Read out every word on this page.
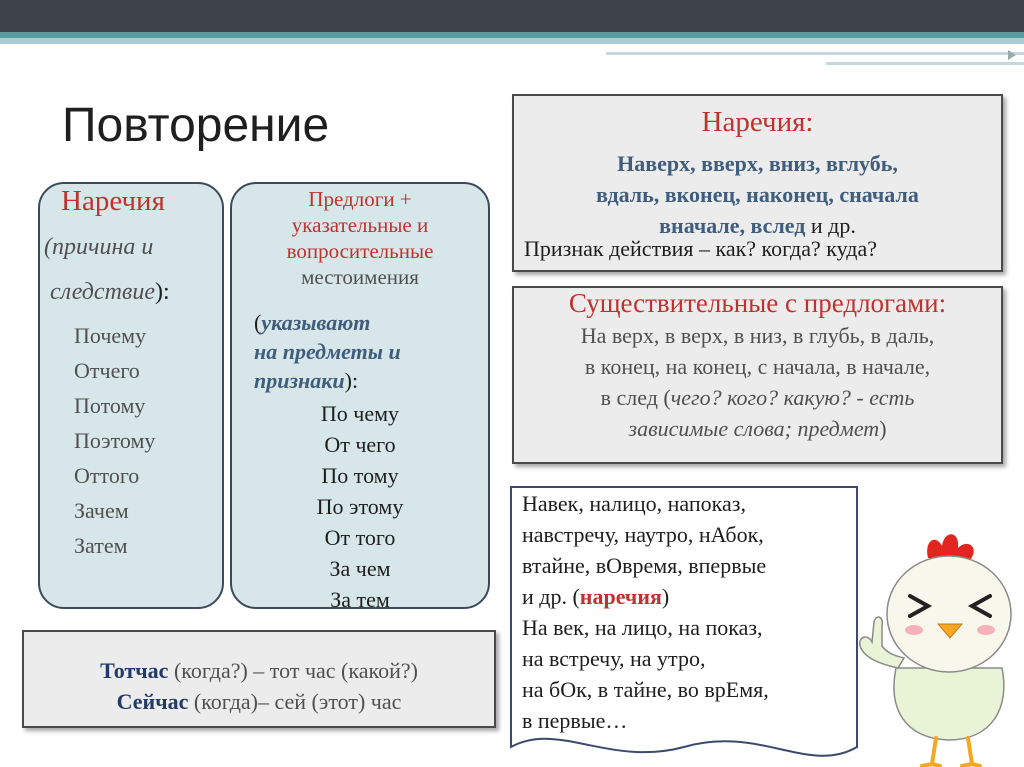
Повторение
Наречия
(причина и
следствие):
Почему
Отчего
Потому
Поэтому
Оттого
Зачем
Затем
Предлоги +
указательные и
вопросительные
местоимения
(указывают
на предметы и
признаки):
По чему
От чего
По тому
По этому
От того
За чем
За тем
Наречия:
Наверх, вверх, вниз, вглубь,
вдаль, вконец, наконец, сначала
вначале, вслед и др.
Признак действия – как? когда? куда?
Существительные с предлогами:
На верх, в верх, в низ, в глубь, в даль,
в конец, на конец, с начала, в начале,
в след (чего? кого? какую? - есть
зависимые слова; предмет)
Тотчас (когда?) – тот час (какой?)
Сейчас (когда)– сей (этот) час
Навек, налицо, напоказ,
навстречу, наутро, нАбок,
втайне, вОвремя, впервые
и др. (наречия)
На век, на лицо, на показ,
на встречу, на утро,
на бОк, в тайне, во врЕмя,
в первые…
